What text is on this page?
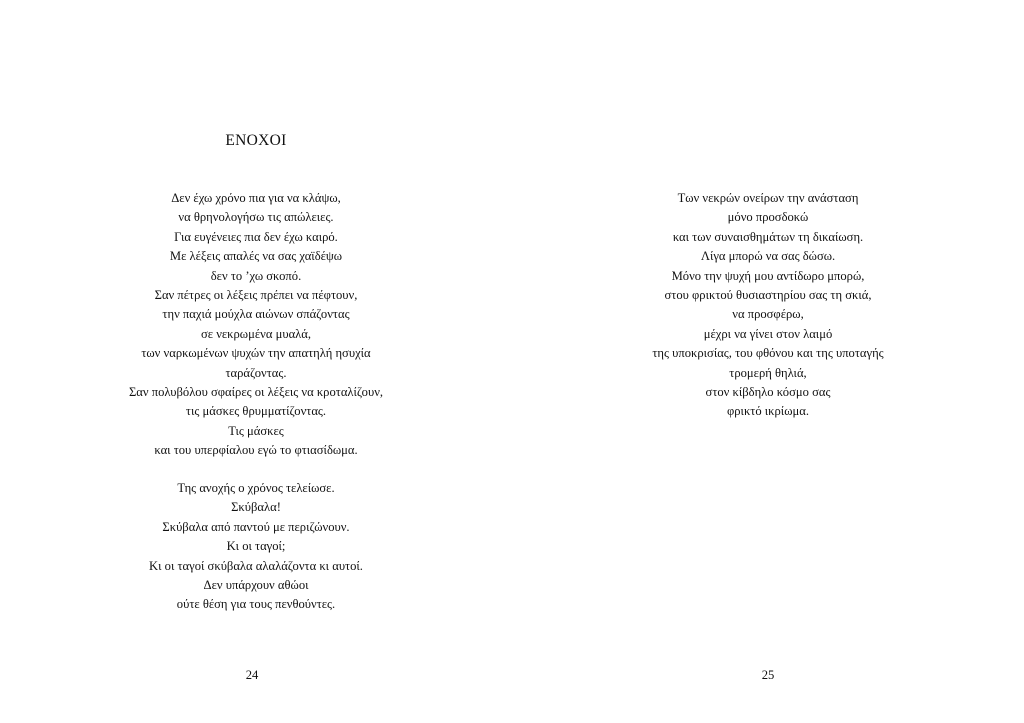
ΕΝΟΧΟΙ
Δεν έχω χρόνο πια για να κλάψω,
να θρηνολογήσω τις απώλειες.
Για ευγένειες πια δεν έχω καιρό.
Με λέξεις απαλές να σας χαϊδέψω
δεν το ’χω σκοπό.
Σαν πέτρες οι λέξεις πρέπει να πέφτουν,
την παχιά μούχλα αιώνων σπάζοντας
σε νεκρωμένα μυαλά,
των ναρκωμένων ψυχών την απατηλή ησυχία
ταράζοντας.
Σαν πολυβόλου σφαίρες οι λέξεις να κροταλίζουν,
τις μάσκες θρυμματίζοντας.
Τις μάσκες
και του υπερφίαλου εγώ το φτιασίδωμα.
Της ανοχής ο χρόνος τελείωσε.
Σκύβαλα!
Σκύβαλα από παντού με περιζώνουν.
Κι οι ταγοί;
Κι οι ταγοί σκύβαλα αλαλάζοντα κι αυτοί.
Δεν υπάρχουν αθώοι
ούτε θέση για τους πενθούντες.
24
Των νεκρών ονείρων την ανάσταση
μόνο προσδοκώ
και των συναισθημάτων τη δικαίωση.
Λίγα μπορώ να σας δώσω.
Μόνο την ψυχή μου αντίδωρο μπορώ,
στου φρικτού θυσιαστηρίου σας τη σκιά,
να προσφέρω,
μέχρι να γίνει στον λαιμό
της υποκρισίας, του φθόνου και της υποταγής
τρομερή θηλιά,
στον κίβδηλο κόσμο σας
φρικτό ικρίωμα.
25
